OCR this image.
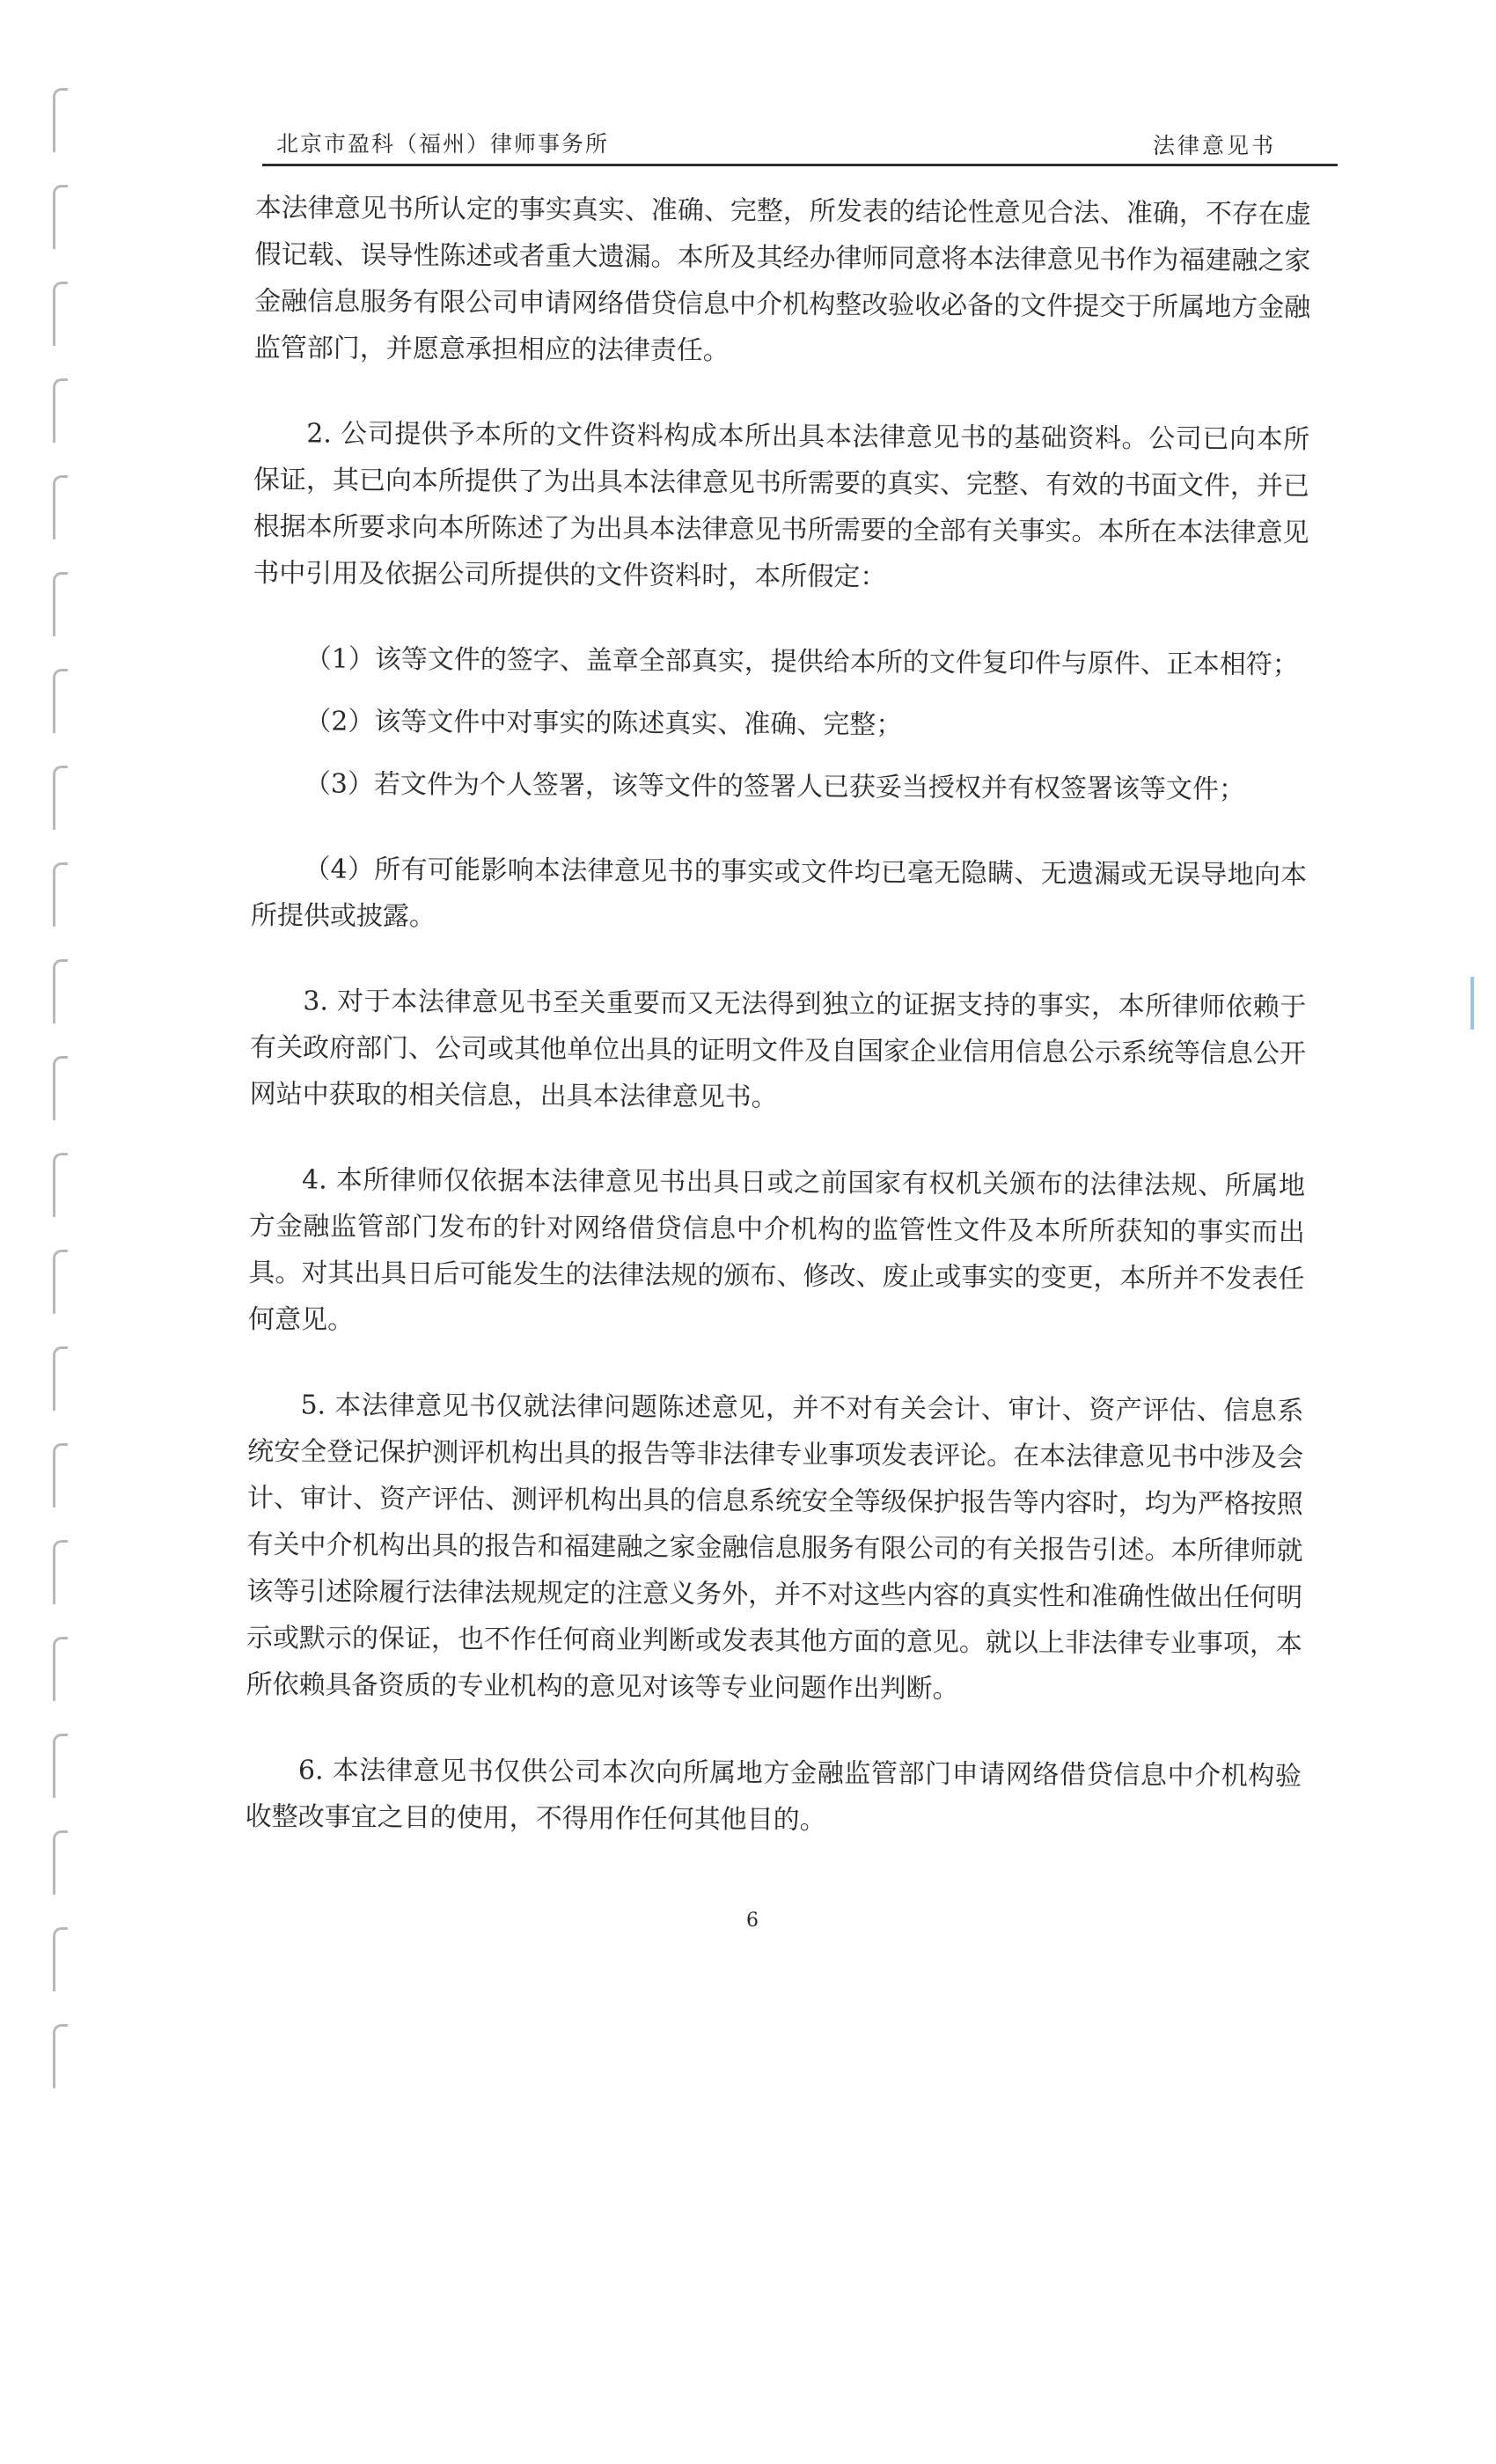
北京市盈科（福州）律师事务所	法律意见书

本法律意见书所认定的事实真实、准确、完整，所发表的结论性意见合法、准确，不存在虚假记载、误导性陈述或者重大遗漏。本所及其经办律师同意将本法律意见书作为福建融之家金融信息服务有限公司申请网络借贷信息中介机构整改验收必备的文件提交于所属地方金融监管部门，并愿意承担相应的法律责任。

2. 公司提供予本所的文件资料构成本所出具本法律意见书的基础资料。公司已向本所保证，其已向本所提供了为出具本法律意见书所需要的真实、完整、有效的书面文件，并已根据本所要求向本所陈述了为出具本法律意见书所需要的全部有关事实。本所在本法律意见书中引用及依据公司所提供的文件资料时，本所假定：

（1）该等文件的签字、盖章全部真实，提供给本所的文件复印件与原件、正本相符；

（2）该等文件中对事实的陈述真实、准确、完整；

（3）若文件为个人签署，该等文件的签署人已获妥当授权并有权签署该等文件；

（4）所有可能影响本法律意见书的事实或文件均已毫无隐瞒、无遗漏或无误导地向本所提供或披露。

3. 对于本法律意见书至关重要而又无法得到独立的证据支持的事实，本所律师依赖于有关政府部门、公司或其他单位出具的证明文件及自国家企业信用信息公示系统等信息公开网站中获取的相关信息，出具本法律意见书。

4. 本所律师仅依据本法律意见书出具日或之前国家有权机关颁布的法律法规、所属地方金融监管部门发布的针对网络借贷信息中介机构的监管性文件及本所所获知的事实而出具。对其出具日后可能发生的法律法规的颁布、修改、废止或事实的变更，本所并不发表任何意见。

5. 本法律意见书仅就法律问题陈述意见，并不对有关会计、审计、资产评估、信息系统安全登记保护测评机构出具的报告等非法律专业事项发表评论。在本法律意见书中涉及会计、审计、资产评估、测评机构出具的信息系统安全等级保护报告等内容时，均为严格按照有关中介机构出具的报告和福建融之家金融信息服务有限公司的有关报告引述。本所律师就该等引述除履行法律法规规定的注意义务外，并不对这些内容的真实性和准确性做出任何明示或默示的保证，也不作任何商业判断或发表其他方面的意见。就以上非法律专业事项，本所依赖具备资质的专业机构的意见对该等专业问题作出判断。

6. 本法律意见书仅供公司本次向所属地方金融监管部门申请网络借贷信息中介机构验收整改事宜之目的使用，不得用作任何其他目的。

6
